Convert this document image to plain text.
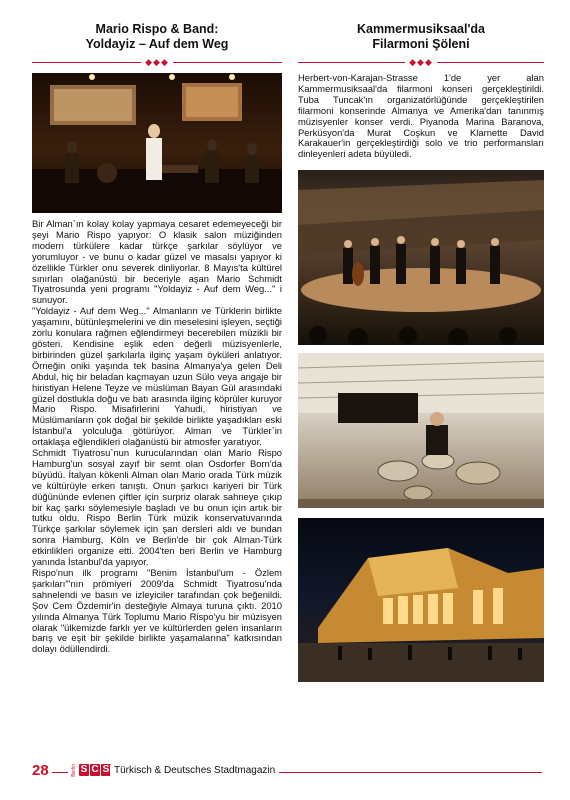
Mario Rispo & Band:
Yoldayiz – Auf dem Weg
◆◆◆

Bir Alman`ın kolay kolay yapmaya cesaret edemeyeceği bir şeyi Mario Rispo yapıyor: O klasik salon müziğinden modern türkülere kadar türkçe şarkılar söylüyor ve yorumluyor - ve bunu o kadar güzel ve masalsı yapıyor ki özellikle Türkler onu severek dinliyorlar. 8 Mayıs'ta kültürel sınırları olağanüstü bir beceriyle aşan Mario Schmidt Tiyatrosunda yeni programı "Yoldayiz - Auf dem Weg..." i sunuyor.
"Yoldayiz - Auf dem Weg..." Almanların ve Türklerin birlikte yaşamını, bütünleşmelerini ve din meselesini işleyen, seçtiği zorlu konulara rağmen eğlendirmeyi becerebilen müzikli bir gösteri. Kendisine eşlik eden değerli müzisyenlerle, birbirinden güzel şarkılarla ilginç yaşam öyküleri anlatıyor. Örneğin oniki yaşında tek basina Almanya'ya gelen Deli Abdul, hiç bir beladan kaçmayan uzun Sülo veya angaje bir hiristiyan Helene Teyze ve müslüman Bayan Gül arasındaki güzel dostlukla doğu ve batı arasında ilginç köprüler kuruyor Mario Rispo. Misafirlerini Yahudi, hiristiyan ve Müslümanların çok doğal bir şekilde birlikte yaşadıkları eski İstanbul'a yolculuğa götürüyor. Alman ve Türkler`in ortaklaşa eğlendikleri olağanüstü bir atmosfer yaratıyor.
Schmidt Tiyatrosu`nun kurucularından olan Mario Rispo Hamburg'un sosyal zayıf bir semt olan Osdorfer Born'da büyüdü. İtalyan kökenli Alman olan Mario orada Türk müzik ve kültürüyle erken tanıştı. Onun şarkıcı kariyeri bir Türk düğününde evlenen çiftler için surpriz olarak sahneye çıkıp bir kaç şarkı söylemesiyle başladı ve bu onun için artık bir tutku oldu. Rispo Berlin Türk müzik konservatuvarında Türkçe şarkılar söylemek için şan dersleri aldı ve bundan sonra Hamburg, Köln ve Berlin'de bir çok Alman-Türk etkinlikleri organize etti. 2004'ten beri Berlin ve Hamburg yanında İstanbul'da yapıyor.
Rispo'nun ilk programı "Benim İstanbul'um - Özlem şarkıları"'nın prömiyeri 2009'da Schmidt Tiyatrosu'nda sahnelendi ve basın ve izleyiciler tarafından çok beğenildi. Şov Cem Özdemir'in desteğiyle Almaya turuna çıktı. 2010 yılında Almanya Türk Toplumu Mario Rispo'yu bir müzisyen olarak "ülkemizde farklı yer ve kültürlerden gelen insanların barış ve eşit bir şekilde birlikte yaşamalarına" katkısından dolayı ödüllendirdi.

Kammermusiksaal'da
Filarmoni Şöleni
◆◆◆

Herbert-von-Karajan-Strasse 1'de yer alan Kammermusiksaal'da filarmoni konseri gerçekleştirildi. Tuba Tuncak'ın organizatörlüğünde gerçekleştirilen filarmoni konserinde Almanya ve Amerika'dan tanınmış müzisyenler konser verdi. Piyanoda Marina Baranova, Perküsyon'da Murat Coşkun ve Klarnette David Karakauer'in gerçekleştirdiği solo ve trio performansları dinleyenleri adeta büyüledi.

28	Berlin S C S Türkisch & Deutsches Stadtmagazin
